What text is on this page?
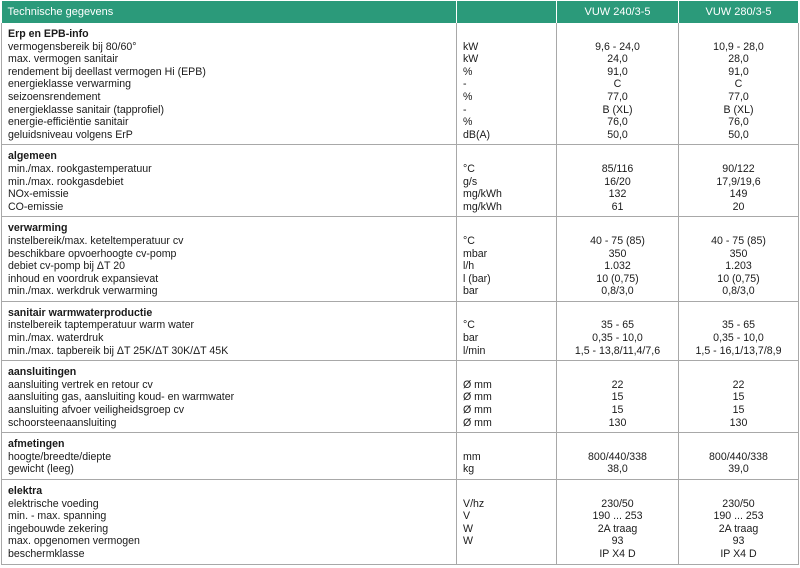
Technische gegevens		VUW 240/3-5	VUW 280/3-5

Erp en EPB-info			
vermogensbereik bij 80/60°	kW	9,6 - 24,0	10,9 - 28,0
max. vermogen sanitair	kW	24,0	28,0
rendement bij deellast vermogen Hi (EPB)	%	91,0	91,0
energieklasse verwarming	-	C	C
seizoensrendement	%	77,0	77,0
energieklasse sanitair (tapprofiel)	-	B (XL)	B (XL)
energie-efficiëntie sanitair	%	76,0	76,0
geluidsniveau volgens ErP	dB(A)	50,0	50,0

algemeen			
min./max. rookgastemperatuur	°C	85/116	90/122
min./max. rookgasdebiet	g/s	16/20	17,9/19,6
NOx-emissie	mg/kWh	132	149
CO-emissie	mg/kWh	61	20

verwarming			
instelbereik/max. keteltemperatuur cv	°C	40 - 75 (85)	40 - 75 (85)
beschikbare opvoerhoogte cv-pomp	mbar	350	350
debiet cv-pomp bij ΔT 20	l/h	1.032	1.203
inhoud en voordruk expansievat	l (bar)	10 (0,75)	10 (0,75)
min./max. werkdruk verwarming	bar	0,8/3,0	0,8/3,0

sanitair warmwaterproductie			
instelbereik taptemperatuur warm water	°C	35 - 65	35 - 65
min./max. waterdruk	bar	0,35 - 10,0	0,35 - 10,0
min./max. tapbereik bij ΔT 25K/ΔT 30K/ΔT 45K	l/min	1,5 - 13,8/11,4/7,6	1,5 - 16,1/13,7/8,9

aansluitingen			
aansluiting vertrek en retour cv	Ø mm	22	22
aansluiting gas, aansluiting koud- en warmwater	Ø mm	15	15
aansluiting afvoer veiligheidsgroep cv	Ø mm	15	15
schoorsteenaansluiting	Ø mm	130	130

afmetingen			
hoogte/breedte/diepte	mm	800/440/338	800/440/338
gewicht (leeg)	kg	38,0	39,0

elektra			
elektrische voeding	V/hz	230/50	230/50
min. - max. spanning	V	190 ... 253	190 ... 253
ingebouwde zekering	W	2A traag	2A traag
max. opgenomen vermogen	W	93	93
beschermklasse		IP X4 D	IP X4 D
